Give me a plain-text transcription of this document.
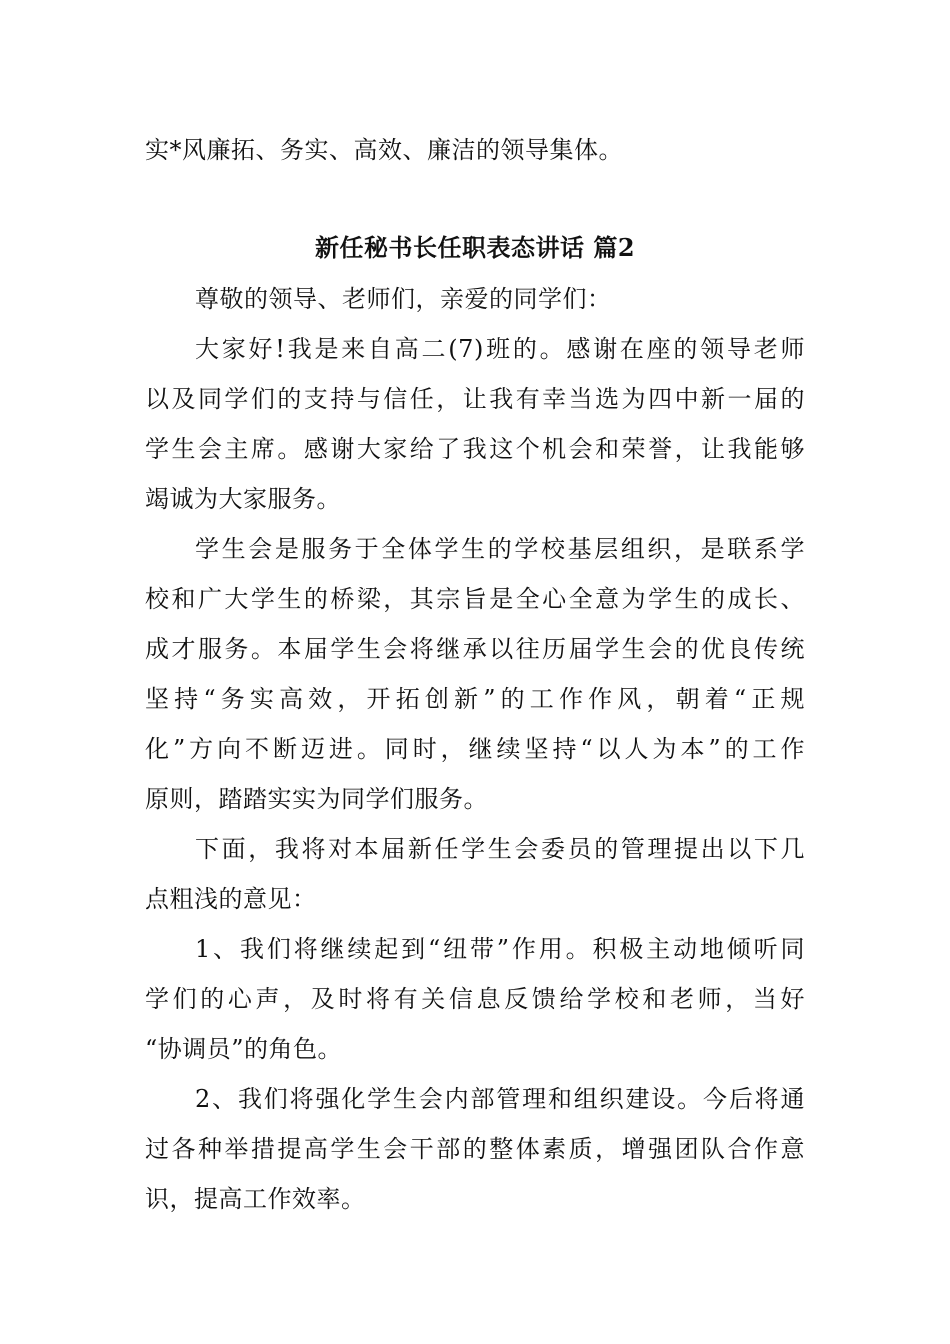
实*风廉拓、务实、高效、廉洁的领导集体。
新任秘书长任职表态讲话 篇2
尊敬的领导、老师们，亲爱的同学们：
大家好!我是来自高二(7)班的。感谢在座的领导老师
以及同学们的支持与信任，让我有幸当选为四中新一届的
学生会主席。感谢大家给了我这个机会和荣誉，让我能够
竭诚为大家服务。
学生会是服务于全体学生的学校基层组织，是联系学
校和广大学生的桥梁，其宗旨是全心全意为学生的成长、
成才服务。本届学生会将继承以往历届学生会的优良传统
坚持“务实高效，开拓创新”的工作作风，朝着“正规
化”方向不断迈进。同时，继续坚持“以人为本”的工作
原则，踏踏实实为同学们服务。
下面，我将对本届新任学生会委员的管理提出以下几
点粗浅的意见：
1、我们将继续起到“纽带”作用。积极主动地倾听同
学们的心声，及时将有关信息反馈给学校和老师，当好
“协调员”的角色。
2、我们将强化学生会内部管理和组织建设。今后将通
过各种举措提高学生会干部的整体素质，增强团队合作意
识，提高工作效率。
